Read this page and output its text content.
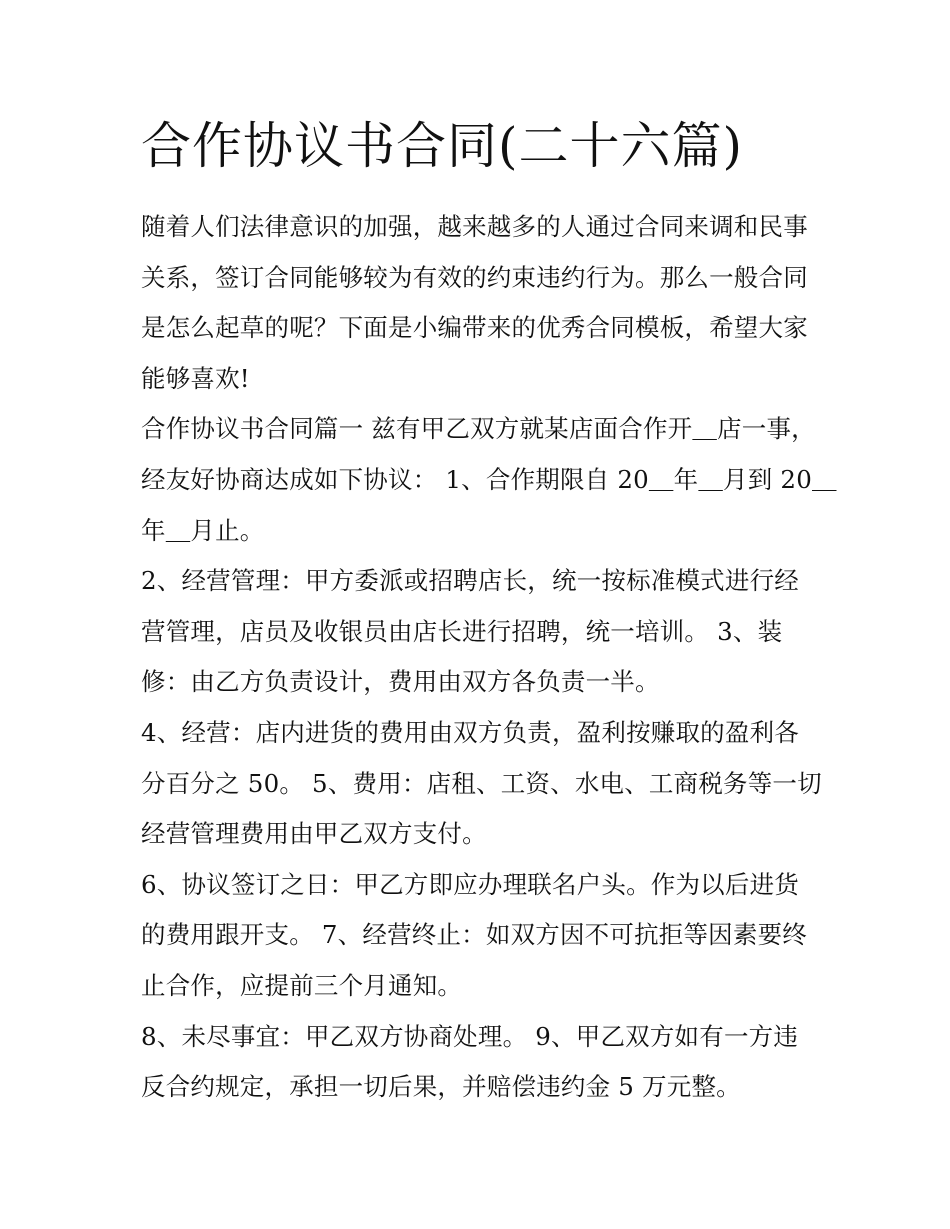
合作协议书合同(二十六篇)

随着人们法律意识的加强，越来越多的人通过合同来调和民事
关系，签订合同能够较为有效的约束违约行为。那么一般合同
是怎么起草的呢？下面是小编带来的优秀合同模板，希望大家
能够喜欢!

合作协议书合同篇一 兹有甲乙双方就某店面合作开＿店一事，
经友好协商达成如下协议： 1、合作期限自 20＿年＿月到 20＿
年＿月止。

2、经营管理：甲方委派或招聘店长，统一按标准模式进行经
营管理，店员及收银员由店长进行招聘，统一培训。 3、装
修：由乙方负责设计，费用由双方各负责一半。

4、经营：店内进货的费用由双方负责，盈利按赚取的盈利各
分百分之 50。 5、费用：店租、工资、水电、工商税务等一切
经营管理费用由甲乙双方支付。

6、协议签订之日：甲乙方即应办理联名户头。作为以后进货
的费用跟开支。 7、经营终止：如双方因不可抗拒等因素要终
止合作，应提前三个月通知。

8、未尽事宜：甲乙双方协商处理。 9、甲乙双方如有一方违
反合约规定，承担一切后果，并赔偿违约金 5 万元整。
